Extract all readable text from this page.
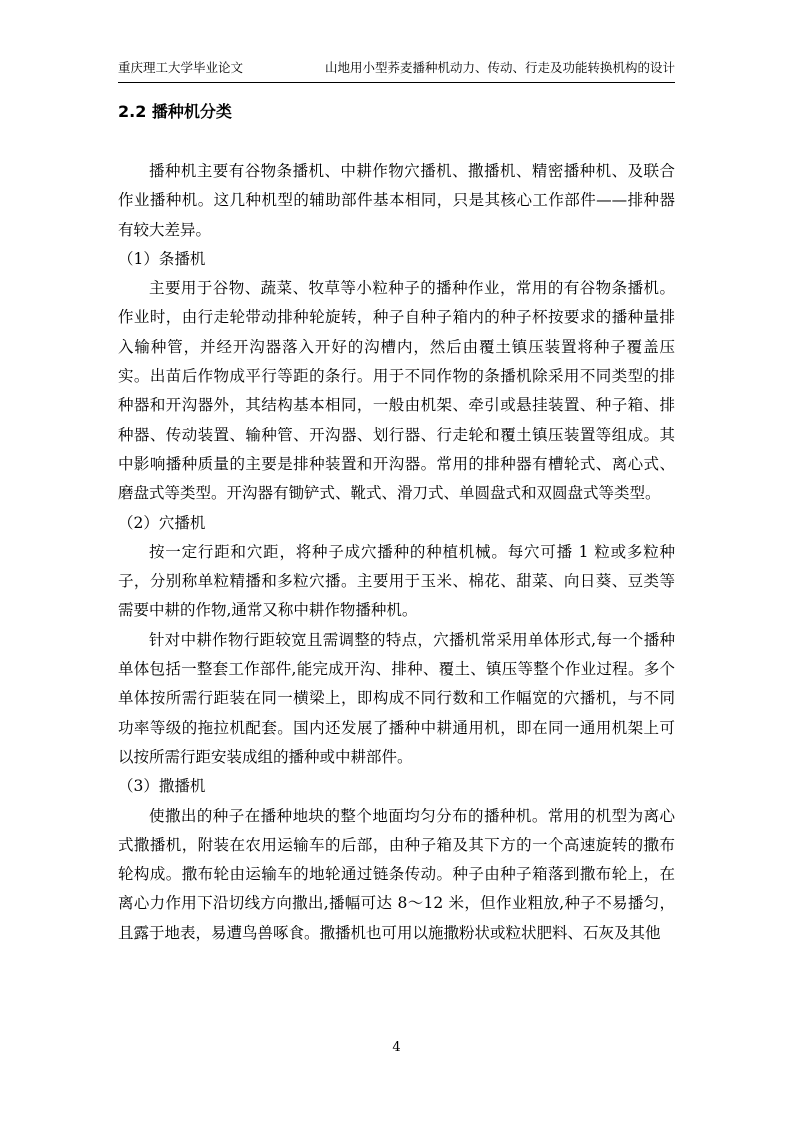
重庆理工大学毕业论文	山地用小型荞麦播种机动力、传动、行走及功能转换机构的设计
2.2 播种机分类

播种机主要有谷物条播机、中耕作物穴播机、撒播机、精密播种机、及联合作业播种机。这几种机型的辅助部件基本相同，只是其核心工作部件——排种器有较大差异。

（1）条播机

主要用于谷物、蔬菜、牧草等小粒种子的播种作业，常用的有谷物条播机。作业时，由行走轮带动排种轮旋转，种子自种子箱内的种子杯按要求的播种量排入输种管，并经开沟器落入开好的沟槽内，然后由覆土镇压装置将种子覆盖压实。出苗后作物成平行等距的条行。用于不同作物的条播机除采用不同类型的排种器和开沟器外，其结构基本相同，一般由机架、牵引或悬挂装置、种子箱、排种器、传动装置、输种管、开沟器、划行器、行走轮和覆土镇压装置等组成。其中影响播种质量的主要是排种装置和开沟器。常用的排种器有槽轮式、离心式、磨盘式等类型。开沟器有锄铲式、靴式、滑刀式、单圆盘式和双圆盘式等类型。

（2）穴播机

按一定行距和穴距，将种子成穴播种的种植机械。每穴可播 1 粒或多粒种子，分别称单粒精播和多粒穴播。主要用于玉米、棉花、甜菜、向日葵、豆类等需要中耕的作物,通常又称中耕作物播种机。

针对中耕作物行距较宽且需调整的特点，穴播机常采用单体形式,每一个播种单体包括一整套工作部件,能完成开沟、排种、覆土、镇压等整个作业过程。多个单体按所需行距装在同一横梁上，即构成不同行数和工作幅宽的穴播机，与不同功率等级的拖拉机配套。国内还发展了播种中耕通用机，即在同一通用机架上可以按所需行距安装成组的播种或中耕部件。

（3）撒播机

使撒出的种子在播种地块的整个地面均匀分布的播种机。常用的机型为离心式撒播机，附装在农用运输车的后部，由种子箱及其下方的一个高速旋转的撒布轮构成。撒布轮由运输车的地轮通过链条传动。种子由种子箱落到撒布轮上，在离心力作用下沿切线方向撒出,播幅可达 8～12 米，但作业粗放,种子不易播匀，且露于地表，易遭鸟兽啄食。撒播机也可用以施撒粉状或粒状肥料、石灰及其他

4
